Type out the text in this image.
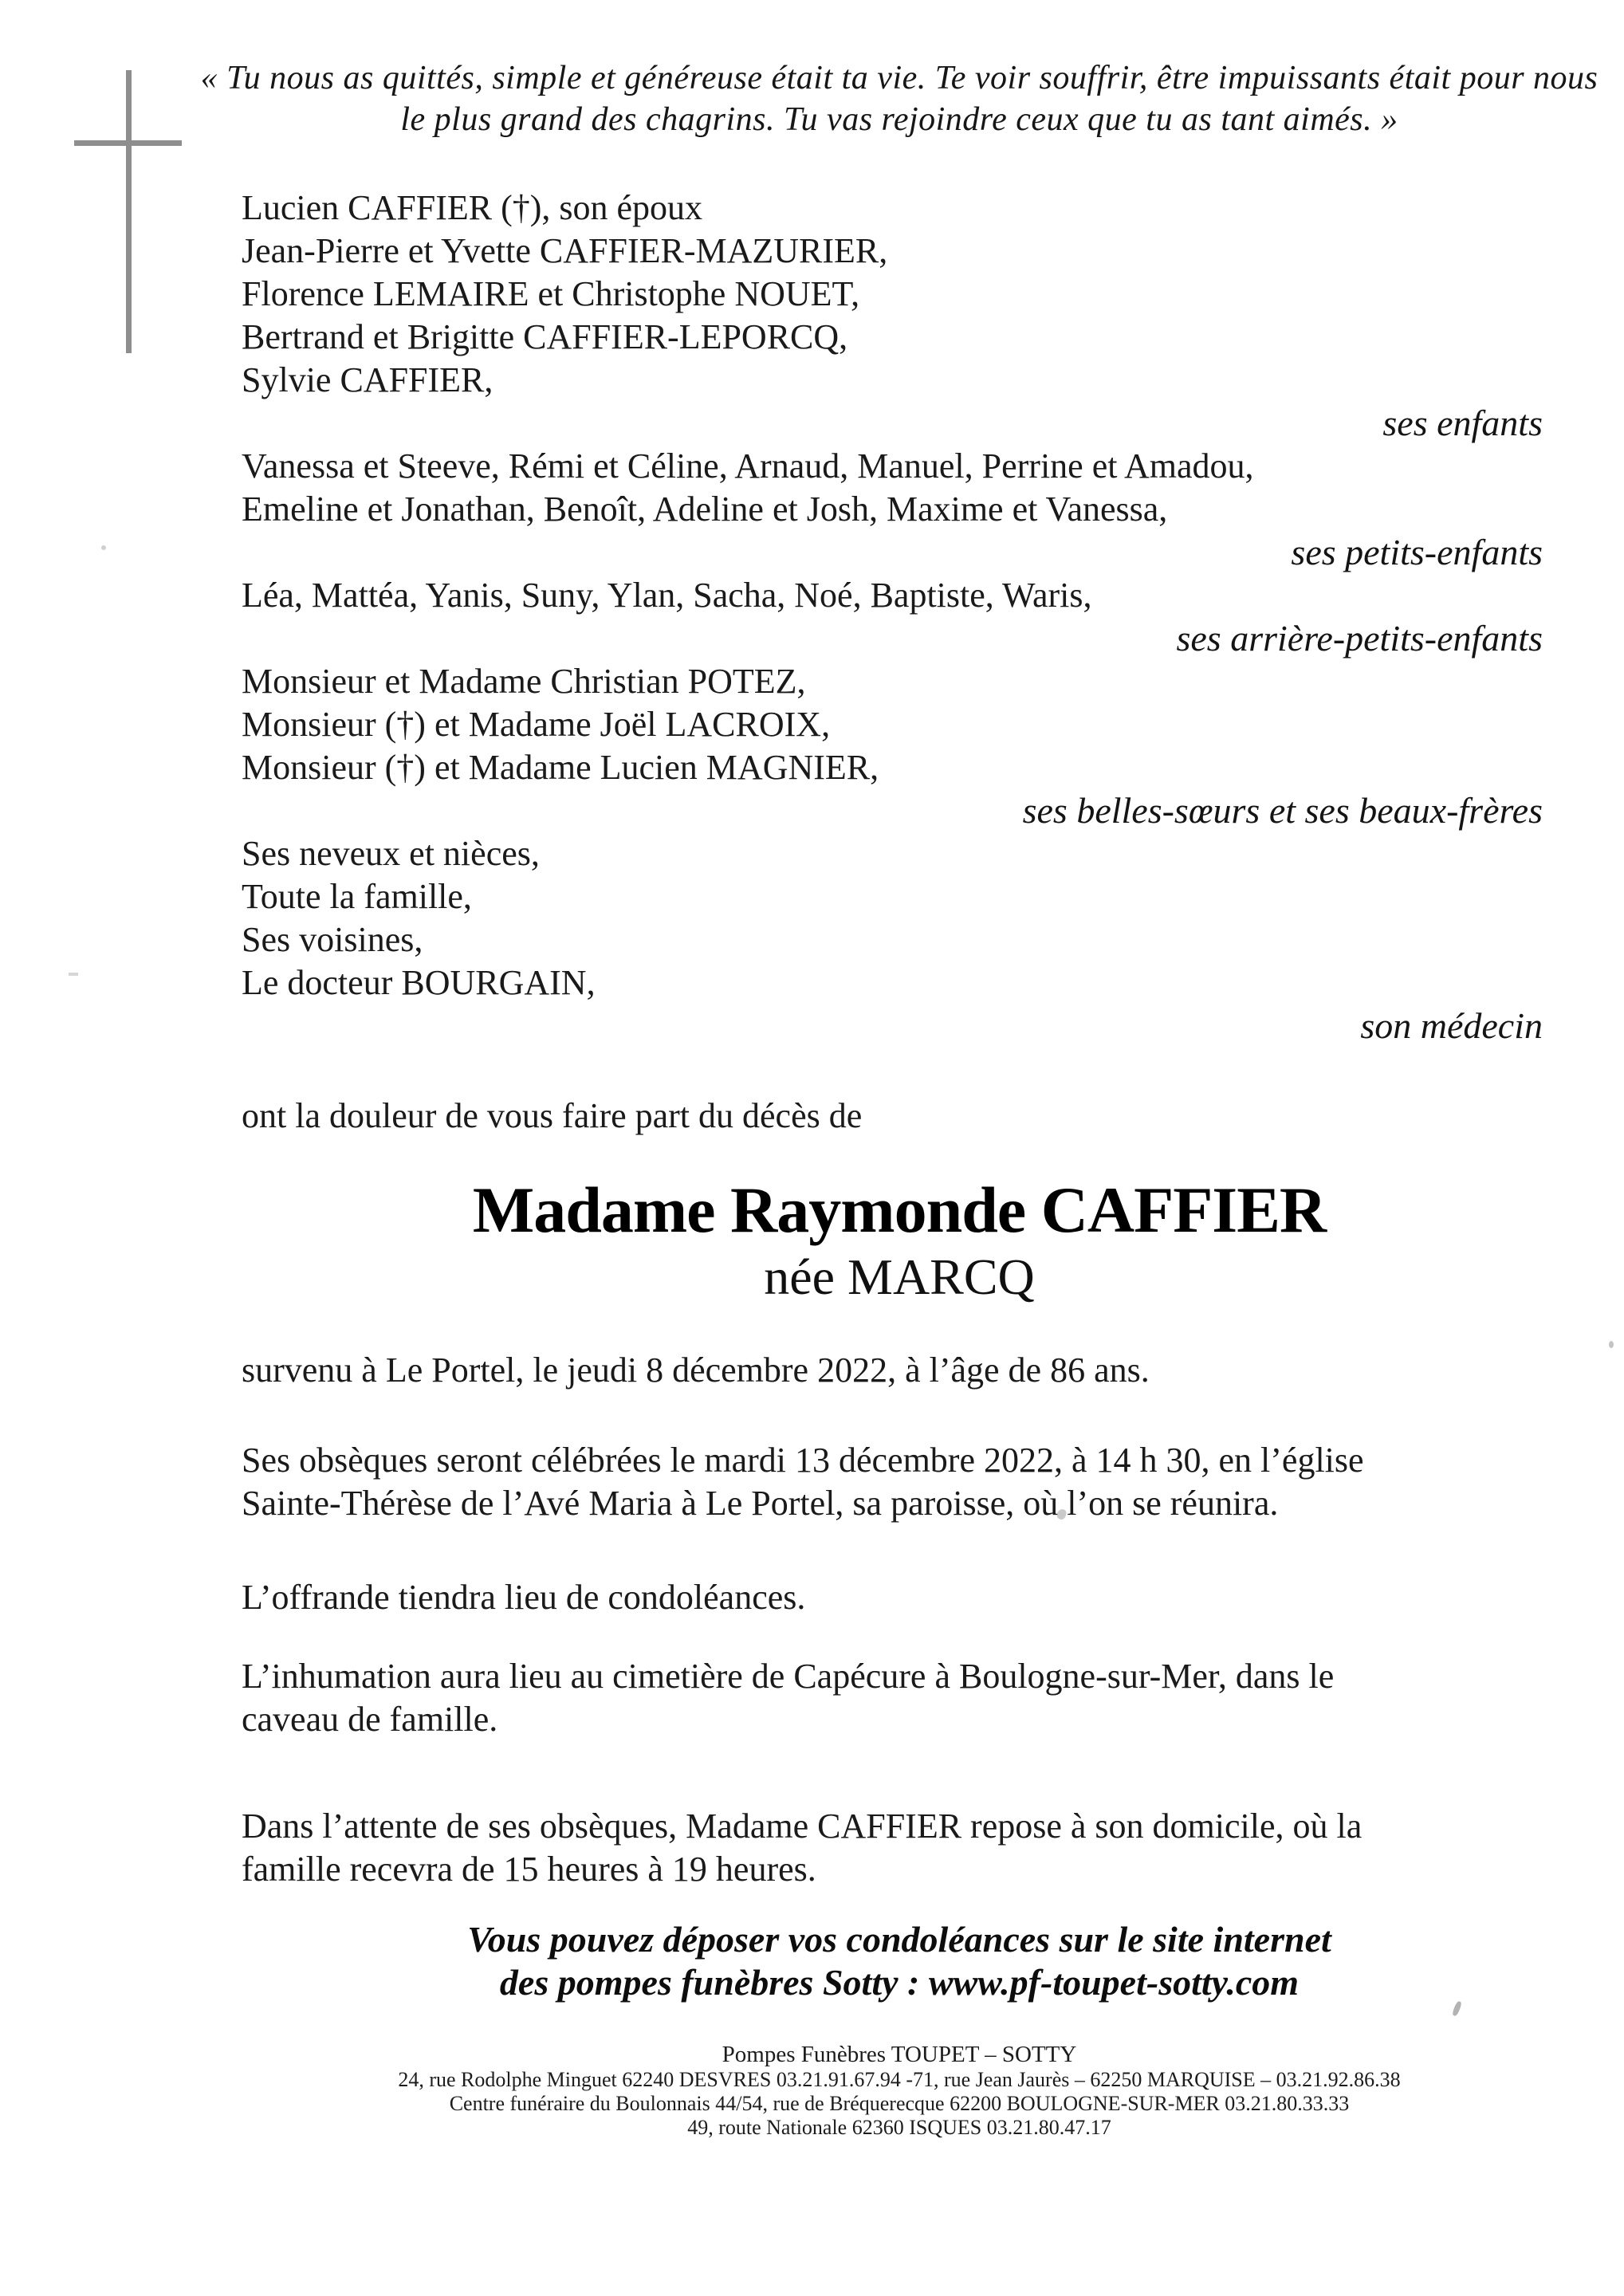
« Tu nous as quittés, simple et généreuse était ta vie. Te voir souffrir, être impuissants était pour nous
le plus grand des chagrins. Tu vas rejoindre ceux que tu as tant aimés. »
Lucien CAFFIER (†), son époux
Jean-Pierre et Yvette CAFFIER-MAZURIER,
Florence LEMAIRE et Christophe NOUET,
Bertrand et Brigitte CAFFIER-LEPORCQ,
Sylvie CAFFIER,
ses enfants
Vanessa et Steeve, Rémi et Céline, Arnaud, Manuel, Perrine et Amadou,
Emeline et Jonathan, Benoît, Adeline et Josh, Maxime et Vanessa,
ses petits-enfants
Léa, Mattéa, Yanis, Suny, Ylan, Sacha, Noé, Baptiste, Waris,
ses arrière-petits-enfants
Monsieur et Madame Christian POTEZ,
Monsieur (†) et Madame Joël LACROIX,
Monsieur (†) et Madame Lucien MAGNIER,
ses belles-sœurs et ses beaux-frères
Ses neveux et nièces,
Toute la famille,
Ses voisines,
Le docteur BOURGAIN,
son médecin
ont la douleur de vous faire part du décès de
Madame Raymonde CAFFIER
née MARCQ
survenu à Le Portel, le jeudi 8 décembre 2022, à l’âge de 86 ans.
Ses obsèques seront célébrées le mardi 13 décembre 2022, à 14 h 30, en l’église
Sainte-Thérèse de l’Avé Maria à Le Portel, sa paroisse, où l’on se réunira.
L’offrande tiendra lieu de condoléances.
L’inhumation aura lieu au cimetière de Capécure à Boulogne-sur-Mer, dans le
caveau de famille.
Dans l’attente de ses obsèques, Madame CAFFIER repose à son domicile, où la
famille recevra de 15 heures à 19 heures.
Vous pouvez déposer vos condoléances sur le site internet
des pompes funèbres Sotty : www.pf-toupet-sotty.com
Pompes Funèbres TOUPET – SOTTY
24, rue Rodolphe Minguet 62240 DESVRES 03.21.91.67.94 -71, rue Jean Jaurès – 62250 MARQUISE – 03.21.92.86.38
Centre funéraire du Boulonnais 44/54, rue de Bréquerecque 62200 BOULOGNE-SUR-MER 03.21.80.33.33
49, route Nationale 62360 ISQUES 03.21.80.47.17
